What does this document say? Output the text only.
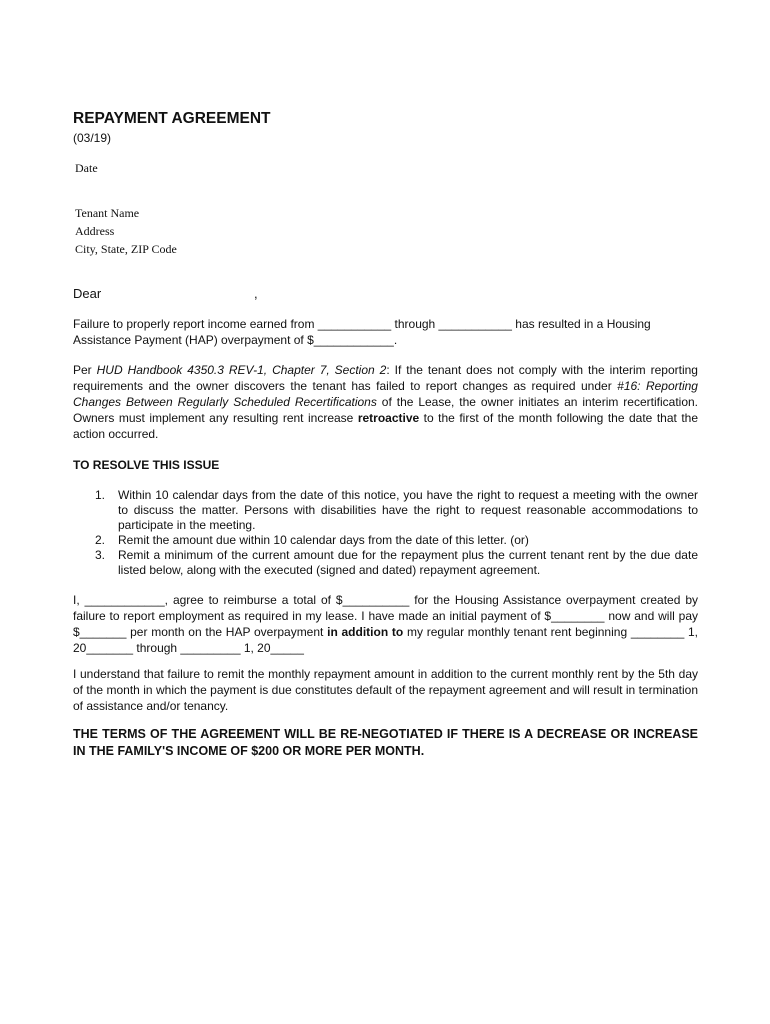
REPAYMENT AGREEMENT
(03/19)
Date
Tenant Name
Address
City, State, ZIP Code
Dear	,

Failure to properly report income earned from ___________ through ___________ has resulted in a Housing
Assistance Payment (HAP) overpayment of $____________.

Per HUD Handbook 4350.3 REV-1, Chapter 7, Section 2: If the tenant does not comply with the interim reporting requirements and the owner discovers the tenant has failed to report changes as required under #16: Reporting Changes Between Regularly Scheduled Recertifications of the Lease, the owner initiates an interim recertification. Owners must implement any resulting rent increase retroactive to the first of the month following the date that the action occurred.

TO RESOLVE THIS ISSUE
1. Within 10 calendar days from the date of this notice, you have the right to request a meeting with the owner to discuss the matter. Persons with disabilities have the right to request reasonable accommodations to participate in the meeting.
2. Remit the amount due within 10 calendar days from the date of this letter. (or)
3. Remit a minimum of the current amount due for the repayment plus the current tenant rent by the due date listed below, along with the executed (signed and dated) repayment agreement.

I, ____________, agree to reimburse a total of $__________ for the Housing Assistance overpayment created by failure to report employment as required in my lease. I have made an initial payment of $________ now and will pay $_______ per month on the HAP overpayment in addition to my regular monthly tenant rent beginning ________ 1, 20_______ through _________ 1, 20_____

I understand that failure to remit the monthly repayment amount in addition to the current monthly rent by the 5th day of the month in which the payment is due constitutes default of the repayment agreement and will result in termination of assistance and/or tenancy.

THE TERMS OF THE AGREEMENT WILL BE RE-NEGOTIATED IF THERE IS A DECREASE OR INCREASE IN THE FAMILY'S INCOME OF $200 OR MORE PER MONTH.
